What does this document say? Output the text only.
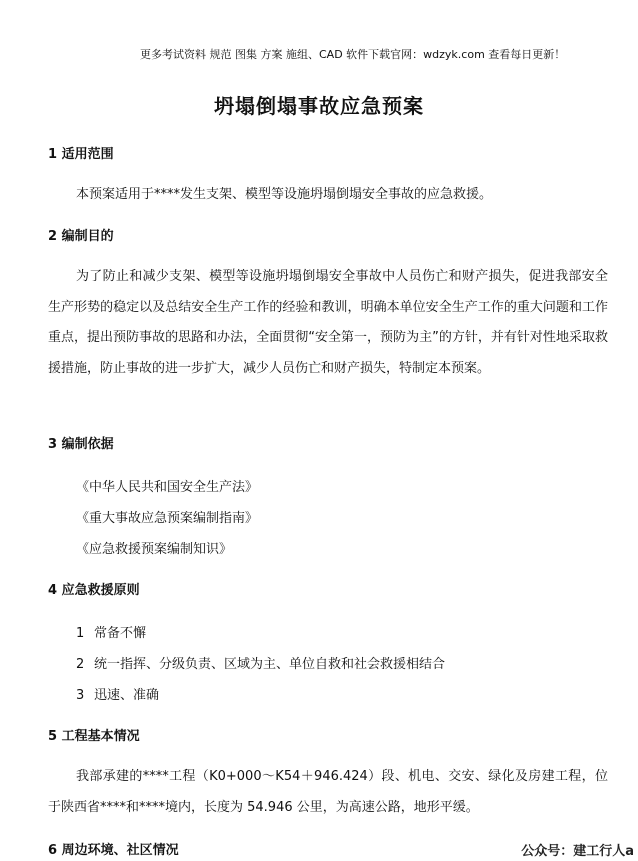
更多考试资料 规范 图集 方案 施组、CAD 软件下载官网：wdzyk.com 查看每日更新！
坍塌倒塌事故应急预案
1 适用范围
本预案适用于****发生支架、模型等设施坍塌倒塌安全事故的应急救援。
2 编制目的
为了防止和减少支架、模型等设施坍塌倒塌安全事故中人员伤亡和财产损失，促进我部安全生产形势的稳定以及总结安全生产工作的经验和教训，明确本单位安全生产工作的重大问题和工作重点，提出预防事故的思路和办法，全面贯彻“安全第一，预防为主”的方针，并有针对性地采取救援措施，防止事故的进一步扩大，减少人员伤亡和财产损失，特制定本预案。
3 编制依据
《中华人民共和国安全生产法》
《重大事故应急预案编制指南》
《应急救援预案编制知识》
4 应急救援原则
1 常备不懈
2 统一指挥、分级负责、区域为主、单位自救和社会救援相结合
3 迅速、准确
5 工程基本情况
我部承建的****工程（K0+000～K54＋946.424）段、机电、交安、绿化及房建工程，位于陕西省****和****境内，长度为 54.946 公里，为高速公路，地形平缓。
6 周边环境、社区情况	公众号：建工行人a
